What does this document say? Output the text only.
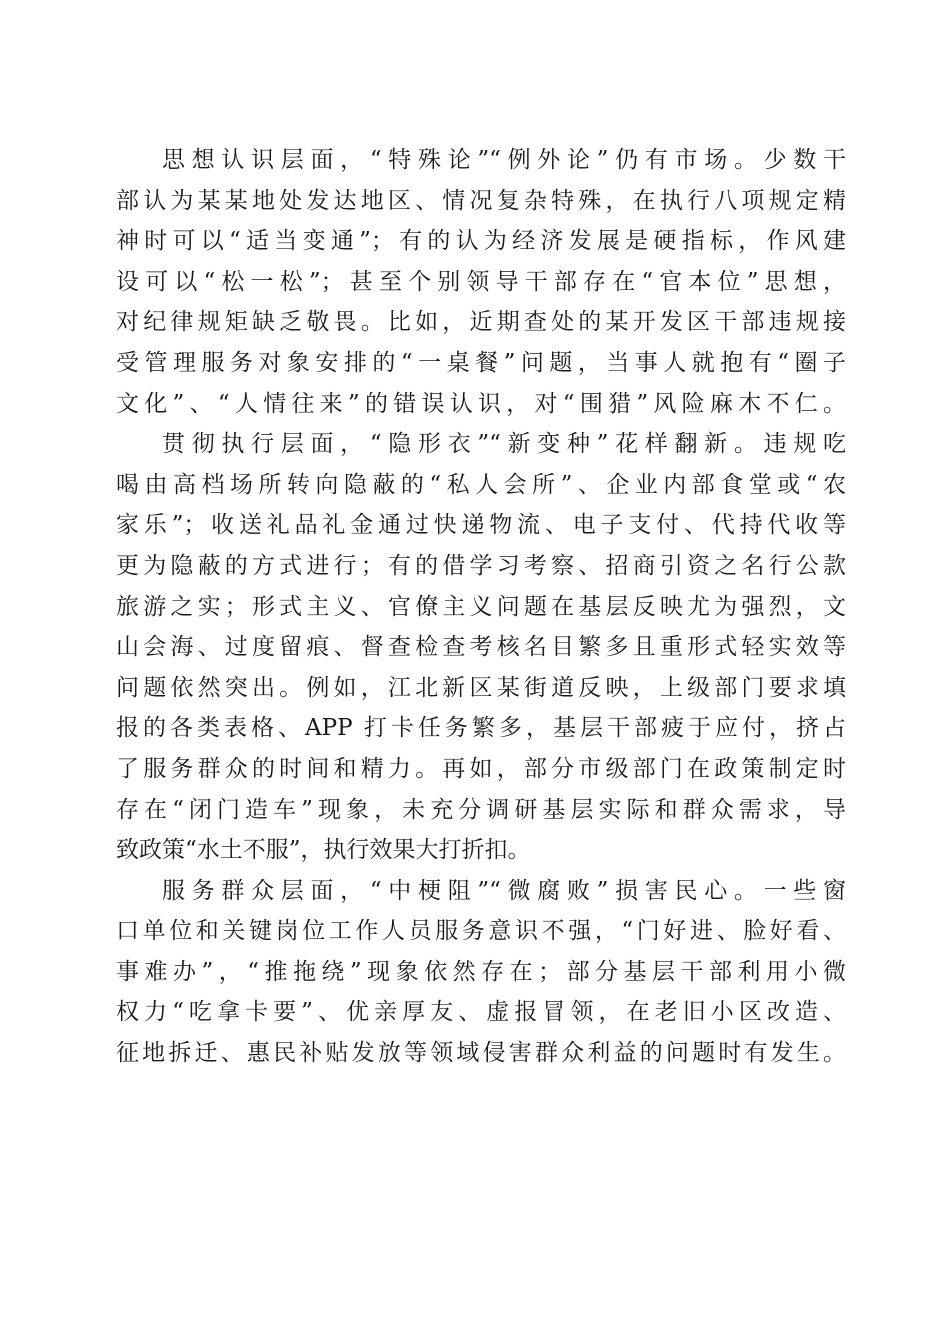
思想认识层面，“特殊论”“例外论”仍有市场。少数干
部认为某某地处发达地区、情况复杂特殊，在执行八项规定精
神时可以“适当变通”；有的认为经济发展是硬指标，作风建
设可以“松一松”；甚至个别领导干部存在“官本位”思想，
对纪律规矩缺乏敬畏。比如，近期查处的某开发区干部违规接
受管理服务对象安排的“一桌餐”问题，当事人就抱有“圈子
文化”、“人情往来”的错误认识，对“围猎”风险麻木不仁。
贯彻执行层面，“隐形衣”“新变种”花样翻新。违规吃
喝由高档场所转向隐蔽的“私人会所”、企业内部食堂或“农
家乐”；收送礼品礼金通过快递物流、电子支付、代持代收等
更为隐蔽的方式进行；有的借学习考察、招商引资之名行公款
旅游之实；形式主义、官僚主义问题在基层反映尤为强烈，文
山会海、过度留痕、督查检查考核名目繁多且重形式轻实效等
问题依然突出。例如，江北新区某街道反映，上级部门要求填
报的各类表格、APP 打卡任务繁多，基层干部疲于应付，挤占
了服务群众的时间和精力。再如，部分市级部门在政策制定时
存在“闭门造车”现象，未充分调研基层实际和群众需求，导
致政策“水土不服”，执行效果大打折扣。
服务群众层面，“中梗阻”“微腐败”损害民心。一些窗
口单位和关键岗位工作人员服务意识不强，“门好进、脸好看、
事难办”，“推拖绕”现象依然存在；部分基层干部利用小微
权力“吃拿卡要”、优亲厚友、虚报冒领，在老旧小区改造、
征地拆迁、惠民补贴发放等领域侵害群众利益的问题时有发生。
